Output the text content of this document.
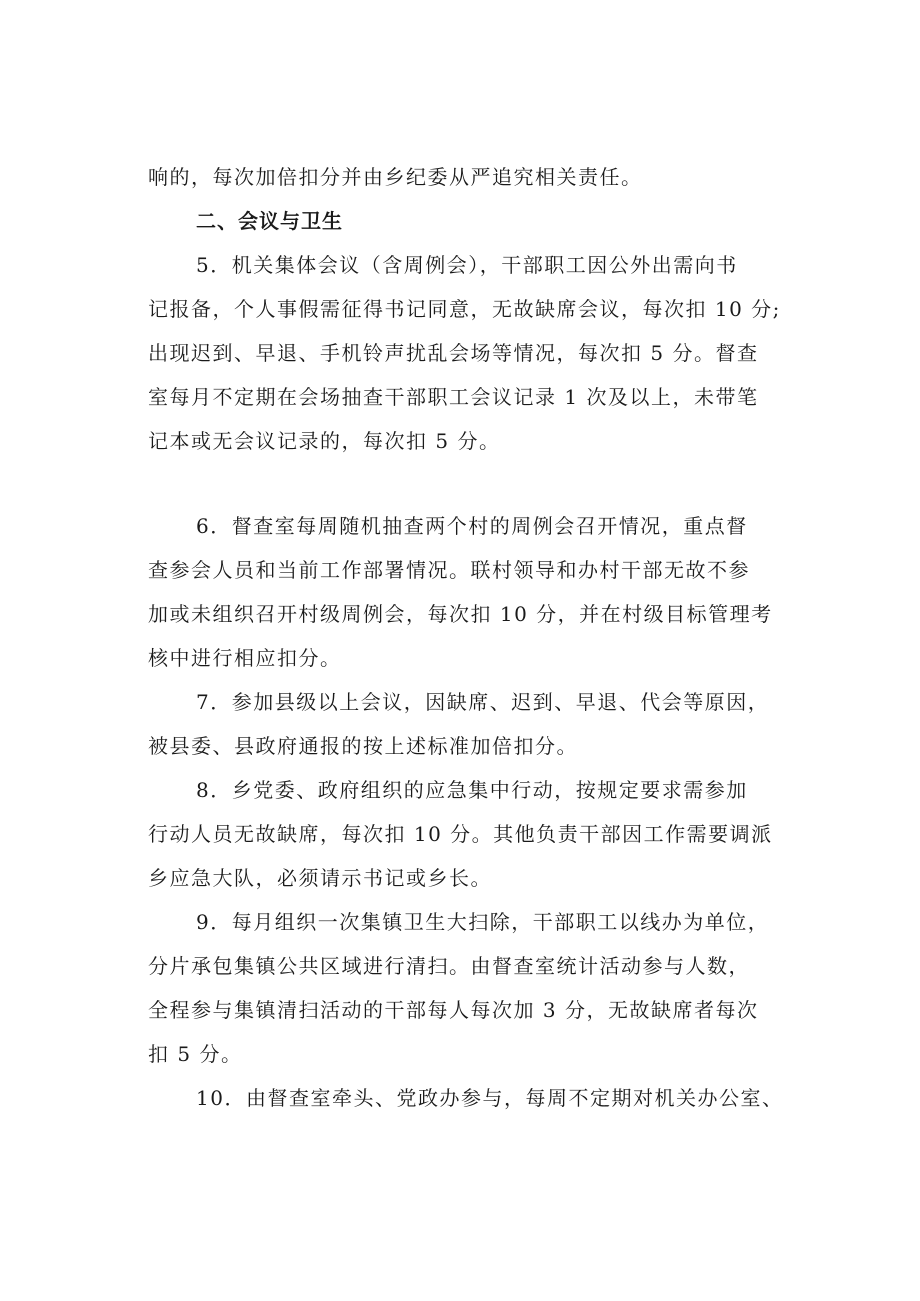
响的，每次加倍扣分并由乡纪委从严追究相关责任。
二、会议与卫生
5．机关集体会议（含周例会），干部职工因公外出需向书
记报备，个人事假需征得书记同意，无故缺席会议，每次扣 10 分;
出现迟到、早退、手机铃声扰乱会场等情况，每次扣 5 分。督查
室每月不定期在会场抽查干部职工会议记录 1 次及以上，未带笔
记本或无会议记录的，每次扣 5 分。
6．督查室每周随机抽查两个村的周例会召开情况，重点督
查参会人员和当前工作部署情况。联村领导和办村干部无故不参
加或未组织召开村级周例会，每次扣 10 分，并在村级目标管理考
核中进行相应扣分。
7．参加县级以上会议，因缺席、迟到、早退、代会等原因，
被县委、县政府通报的按上述标准加倍扣分。
8．乡党委、政府组织的应急集中行动，按规定要求需参加
行动人员无故缺席，每次扣 10 分。其他负责干部因工作需要调派
乡应急大队，必须请示书记或乡长。
9．每月组织一次集镇卫生大扫除，干部职工以线办为单位，
分片承包集镇公共区域进行清扫。由督查室统计活动参与人数，
全程参与集镇清扫活动的干部每人每次加 3 分，无故缺席者每次
扣 5 分。
10．由督查室牵头、党政办参与，每周不定期对机关办公室、
